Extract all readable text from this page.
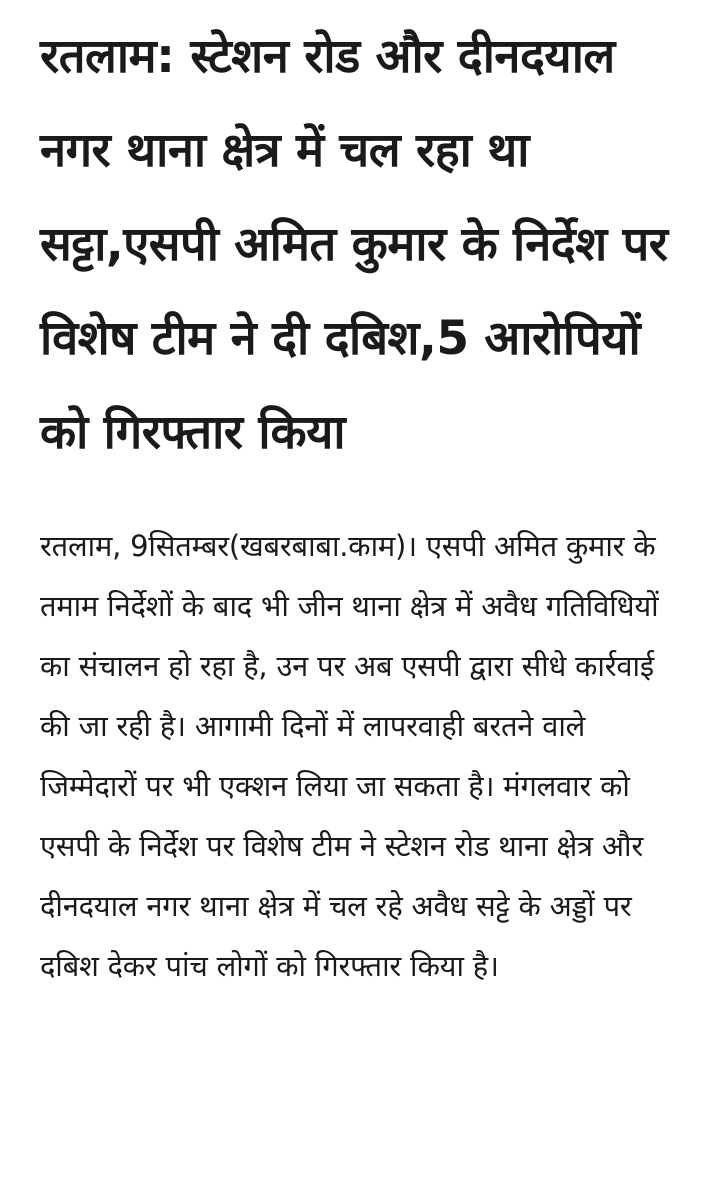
रतलाम: स्टेशन रोड और दीनदयाल नगर थाना क्षेत्र में चल रहा था सट्टा,एसपी अमित कुमार के निर्देश पर विशेष टीम ने दी दबिश,5 आरोपियों को गिरफ्तार किया

रतलाम, 9सितम्बर(खबरबाबा.काम)। एसपी अमित कुमार के तमाम निर्देशों के बाद भी जीन थाना क्षेत्र में अवैध गतिविधियों का संचालन हो रहा है, उन पर अब एसपी द्वारा सीधे कार्रवाई की जा रही है। आगामी दिनों में लापरवाही बरतने वाले जिम्मेदारों पर भी एक्शन लिया जा सकता है। मंगलवार को एसपी के निर्देश पर विशेष टीम ने स्टेशन रोड थाना क्षेत्र और दीनदयाल नगर थाना क्षेत्र में चल रहे अवैध सट्टे के अड्डों पर दबिश देकर पांच लोगों को गिरफ्तार किया है।
